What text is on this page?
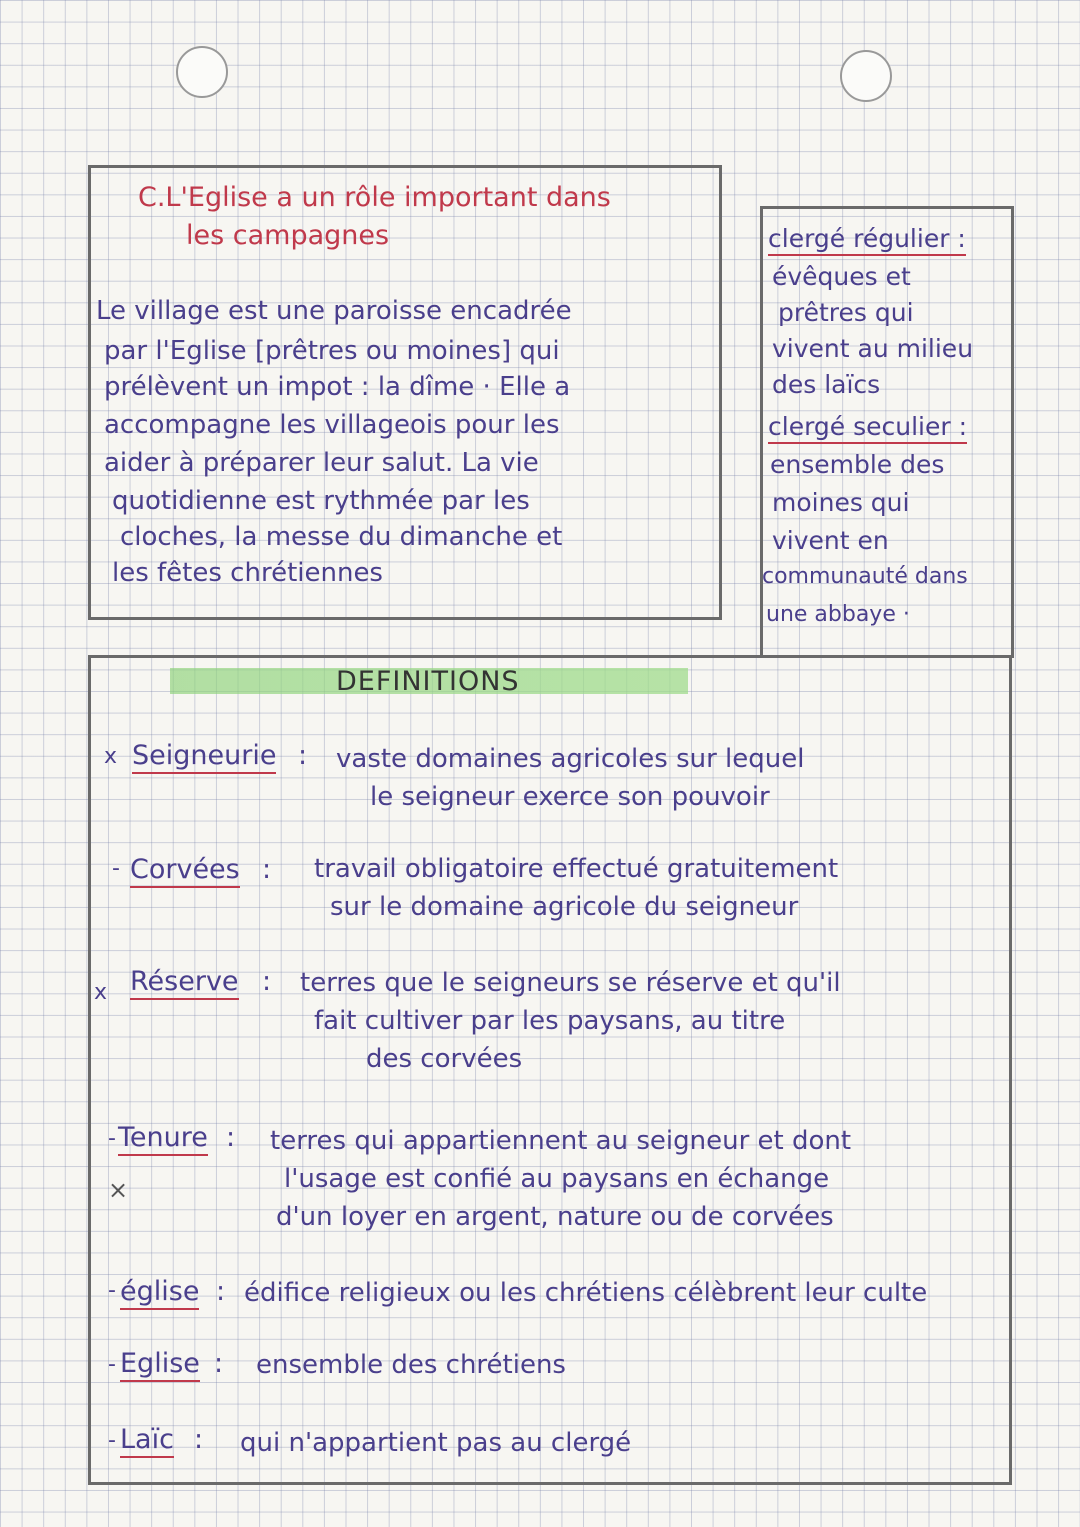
C.L'Eglise a un rôle important dans
les campagnes
Le village est une paroisse encadrée
par l'Eglise [prêtres ou moines] qui
prélèvent un impot : la dîme · Elle a
accompagne les villageois pour les
aider à préparer leur salut. La vie
quotidienne est rythmée par les
cloches, la messe du dimanche et
les fêtes chrétiennes
clergé régulier :
évêques et
prêtres qui
vivent au milieu
des laïcs
clergé seculier :
ensemble des
moines qui
vivent en
communauté dans
une abbaye ·
DEFINITIONS
x Seigneurie : vaste domaines agricoles sur lequel
le seigneur exerce son pouvoir
- Corvées : travail obligatoire effectué gratuitement
sur le domaine agricole du seigneur
x Réserve : terres que le seigneurs se réserve et qu'il
fait cultiver par les paysans, au titre
des corvées
- Tenure :
×
terres qui appartiennent au seigneur et dont
l'usage est confié au paysans en échange
d'un loyer en argent, nature ou de corvées
- église : édifice religieux ou les chrétiens célèbrent leur culte
- Eglise : ensemble des chrétiens
- Laïc : qui n'appartient pas au clergé
